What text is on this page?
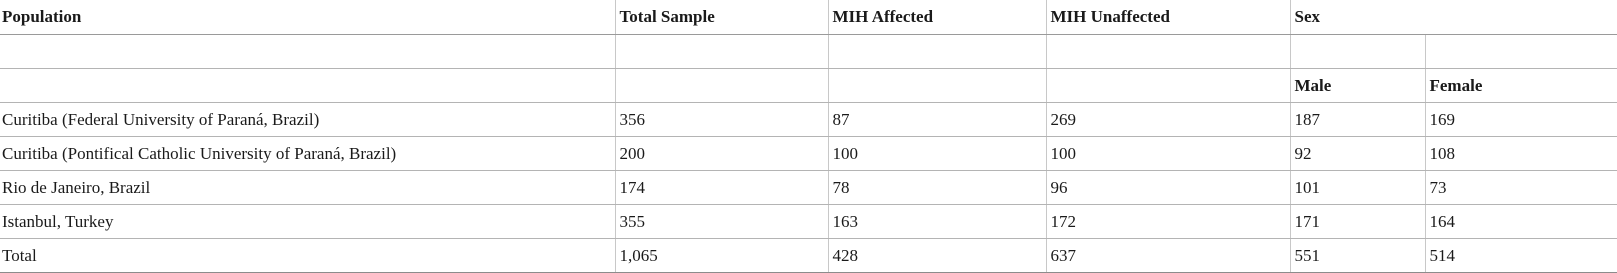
Population	Total Sample	MIH Affected	MIH Unaffected	Sex	

				Male	Female
Curitiba (Federal University of Paraná, Brazil)	356	87	269	187	169
Curitiba (Pontifical Catholic University of Paraná, Brazil)	200	100	100	92	108
Rio de Janeiro, Brazil	174	78	96	101	73
Istanbul, Turkey	355	163	172	171	164
Total	1,065	428	637	551	514
